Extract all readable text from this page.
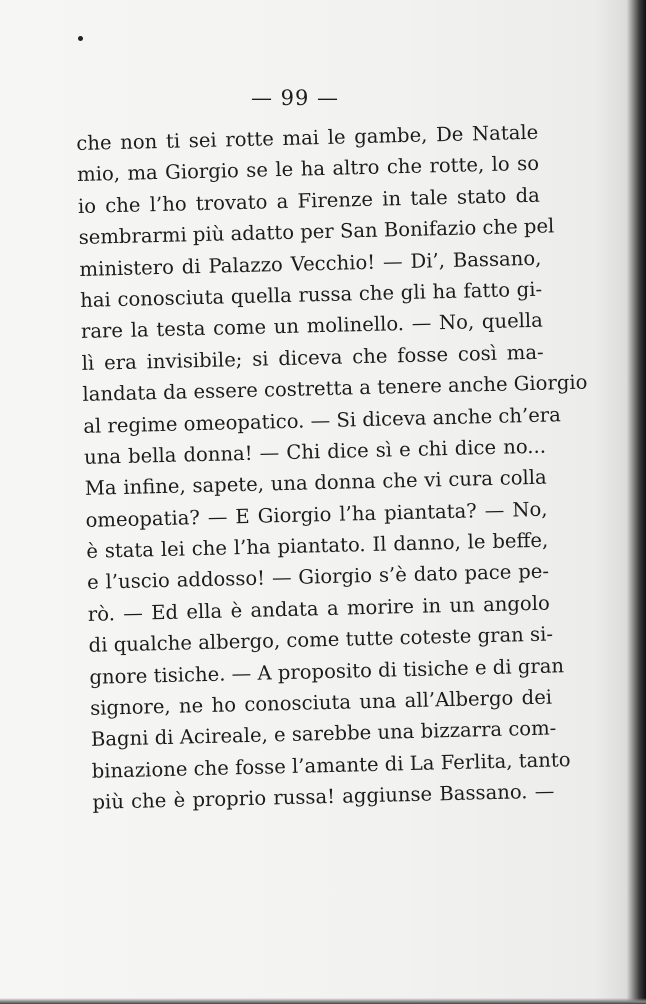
— 99 —
che non ti sei rotte mai le gambe, De Natale
mio, ma Giorgio se le ha altro che rotte, lo so
io che l’ho trovato a Firenze in tale stato da
sembrarmi più adatto per San Bonifazio che pel
ministero di Palazzo Vecchio! — Di’, Bassano,
hai conosciuta quella russa che gli ha fatto gi-
rare la testa come un molinello. — No, quella
lì era invisibile; si diceva che fosse così ma-
landata da essere costretta a tenere anche Giorgio
al regime omeopatico. — Si diceva anche ch’era
una bella donna! — Chi dice sì e chi dice no...
Ma infine, sapete, una donna che vi cura colla
omeopatia? — E Giorgio l’ha piantata? — No,
è stata lei che l’ha piantato. Il danno, le beffe,
e l’uscio addosso! — Giorgio s’è dato pace pe-
rò. — Ed ella è andata a morire in un angolo
di qualche albergo, come tutte coteste gran si-
gnore tisiche. — A proposito di tisiche e di gran
signore, ne ho conosciuta una all’Albergo dei
Bagni di Acireale, e sarebbe una bizzarra com-
binazione che fosse l’amante di La Ferlita, tanto
più che è proprio russa! aggiunse Bassano. —
